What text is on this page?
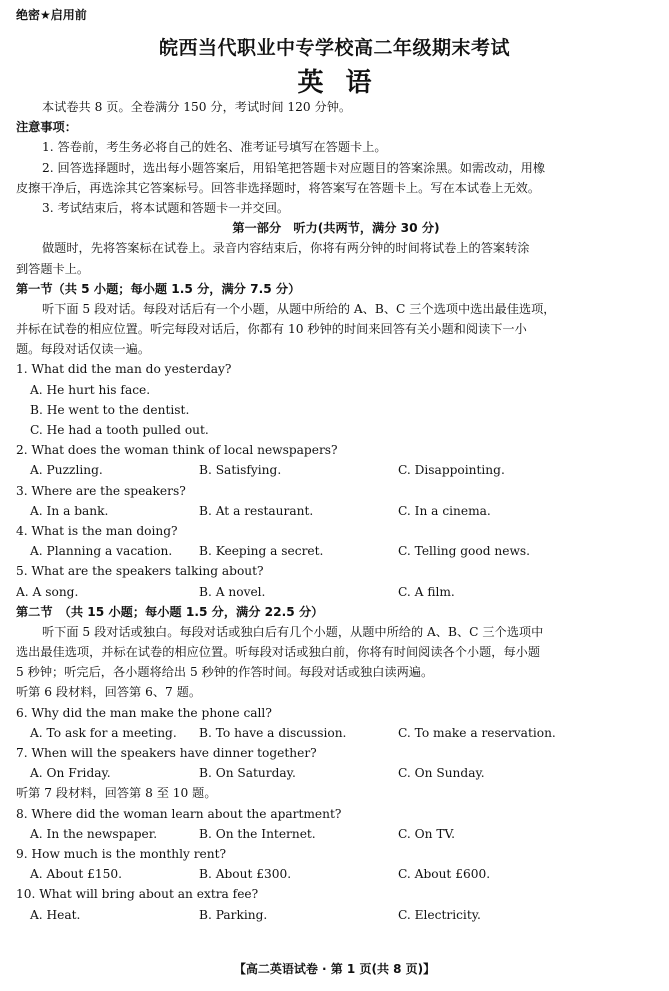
绝密★启用前
皖西当代职业中专学校高二年级期末考试
英语
本试卷共 8 页。全卷满分 150 分，考试时间 120 分钟。
注意事项：
1. 答卷前，考生务必将自己的姓名、准考证号填写在答题卡上。
2. 回答选择题时，选出每小题答案后，用铅笔把答题卡对应题目的答案涂黑。如需改动，用橡
皮擦干净后，再选涂其它答案标号。回答非选择题时，将答案写在答题卡上。写在本试卷上无效。
3. 考试结束后，将本试题和答题卡一并交回。
第一部分　听力(共两节，满分 30 分)
做题时，先将答案标在试卷上。录音内容结束后，你将有两分钟的时间将试卷上的答案转涂
到答题卡上。
第一节（共 5 小题；每小题 1.5 分，满分 7.5 分）
听下面 5 段对话。每段对话后有一个小题，从题中所给的 A、B、C 三个选项中选出最佳选项，
并标在试卷的相应位置。听完每段对话后，你都有 10 秒钟的时间来回答有关小题和阅读下一小
题。每段对话仅读一遍。
1. What did the man do yesterday?
A. He hurt his face.
B. He went to the dentist.
C. He had a tooth pulled out.
2. What does the woman think of local newspapers?
A. Puzzling.	B. Satisfying.	C. Disappointing.
3. Where are the speakers?
A. In a bank.	B. At a restaurant.	C. In a cinema.
4. What is the man doing?
A. Planning a vacation.	B. Keeping a secret.	C. Telling good news.
5. What are the speakers talking about?
A. A song.	B. A novel.	C. A film.
第二节　（共 15 小题；每小题 1.5 分，满分 22.5 分）
听下面 5 段对话或独白。每段对话或独白后有几个小题，从题中所给的 A、B、C 三个选项中
选出最佳选项，并标在试卷的相应位置。听每段对话或独白前，你将有时间阅读各个小题，每小题
5 秒钟；听完后，各小题将给出 5 秒钟的作答时间。每段对话或独白读两遍。
听第 6 段材料，回答第 6、7 题。
6. Why did the man make the phone call?
A. To ask for a meeting.	B. To have a discussion.	C. To make a reservation.
7. When will the speakers have dinner together?
A. On Friday.	B. On Saturday.	C. On Sunday.
听第 7 段材料，回答第 8 至 10 题。
8. Where did the woman learn about the apartment?
A. In the newspaper.	B. On the Internet.	C. On TV.
9. How much is the monthly rent?
A. About £150.	B. About £300.	C. About £600.
10. What will bring about an extra fee?
A. Heat.	B. Parking.	C. Electricity.
【高二英语试卷 · 第 1 页(共 8 页)】
